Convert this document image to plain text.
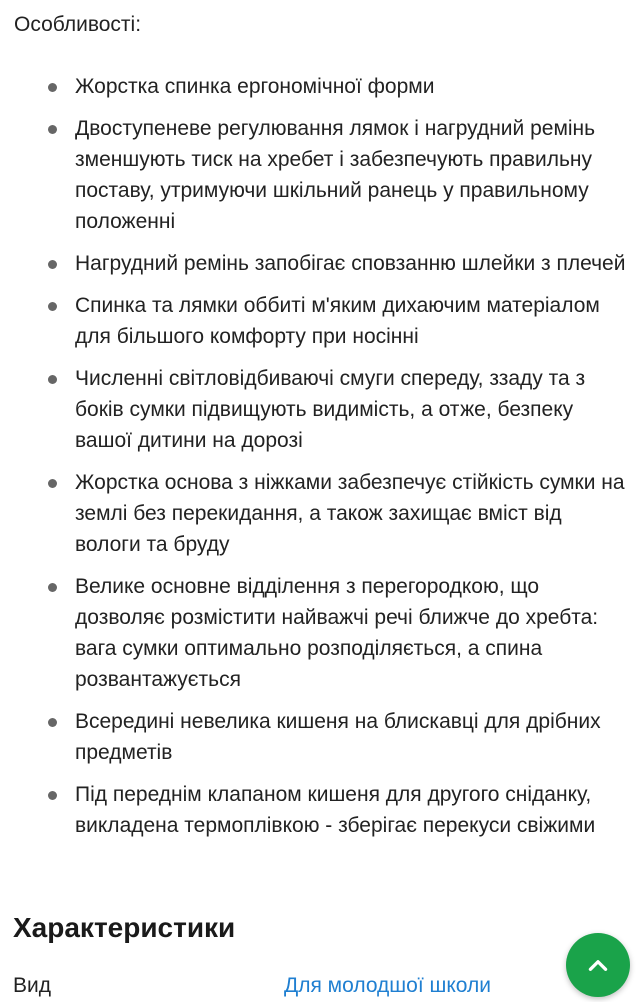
Особливості:
Жорстка спинка ергономічної форми
Двоступеневе регулювання лямок і нагрудний ремінь зменшують тиск на хребет і забезпечують правильну поставу, утримуючи шкільний ранець у правильному положенні
Нагрудний ремінь запобігає сповзанню шлейки з плечей
Спинка та лямки оббиті м'яким дихаючим матеріалом для більшого комфорту при носінні
Численні світловідбиваючі смуги спереду, ззаду та з боків сумки підвищують видимість, а отже, безпеку вашої дитини на дорозі
Жорстка основа з ніжками забезпечує стійкість сумки на землі без перекидання, а також захищає вміст від вологи та бруду
Велике основне відділення з перегородкою, що дозволяє розмістити найважчі речі ближче до хребта: вага сумки оптимально розподіляється, а спина розвантажується
Всередині невелика кишеня на блискавці для дрібних предметів
Під переднім клапаном кишеня для другого сніданку, викладена термоплівкою - зберігає перекуси свіжими
Характеристики
Вид	Для молодшої школи
